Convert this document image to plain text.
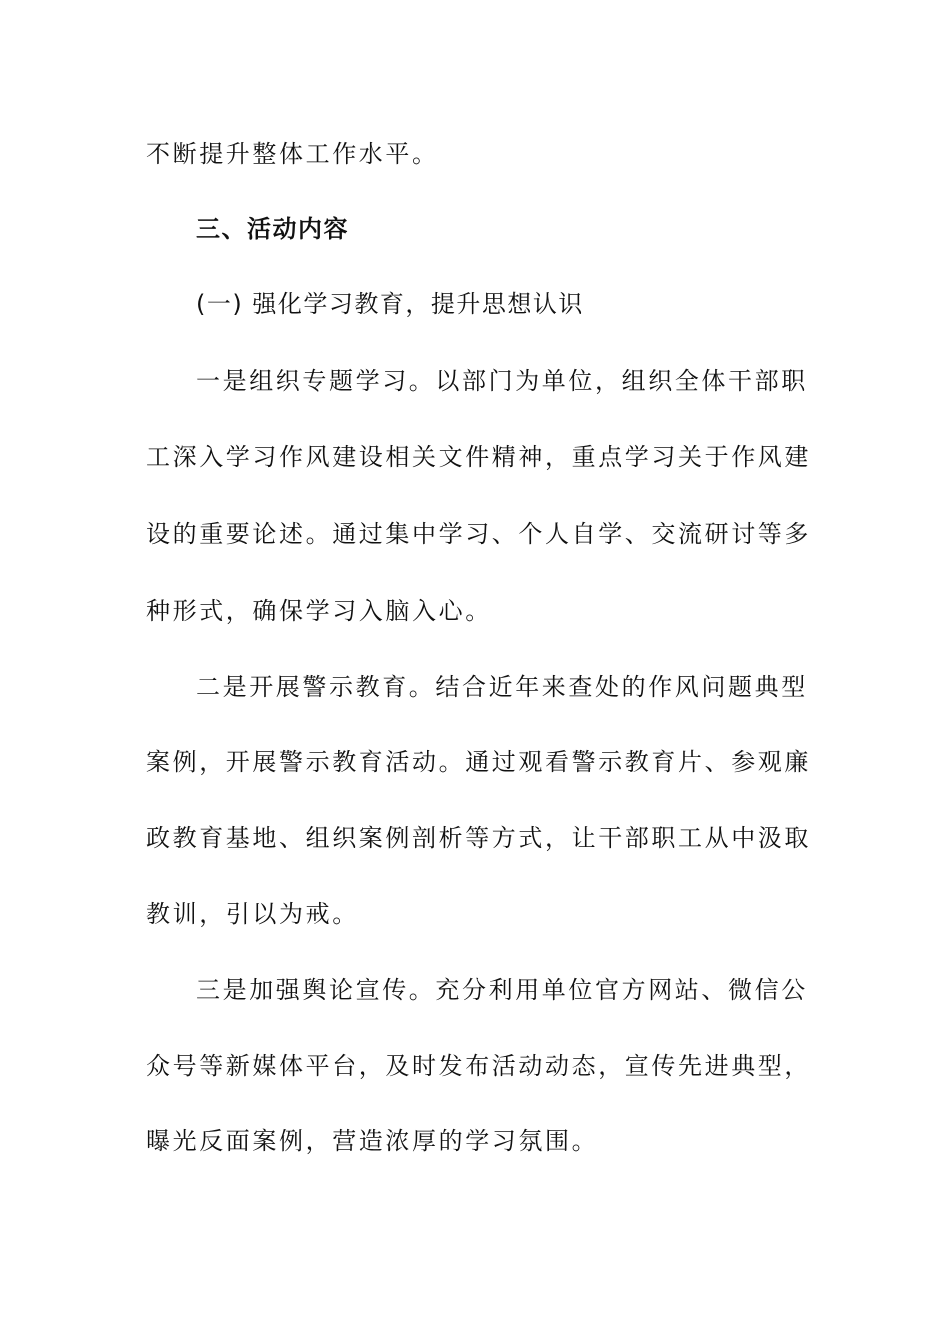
不断提升整体工作水平。
三、活动内容
(一) 强化学习教育，提升思想认识
一是组织专题学习。以部门为单位，组织全体干部职
工深入学习作风建设相关文件精神，重点学习关于作风建
设的重要论述。通过集中学习、个人自学、交流研讨等多
种形式，确保学习入脑入心。
二是开展警示教育。结合近年来查处的作风问题典型
案例，开展警示教育活动。通过观看警示教育片、参观廉
政教育基地、组织案例剖析等方式，让干部职工从中汲取
教训，引以为戒。
三是加强舆论宣传。充分利用单位官方网站、微信公
众号等新媒体平台，及时发布活动动态，宣传先进典型，
曝光反面案例，营造浓厚的学习氛围。
